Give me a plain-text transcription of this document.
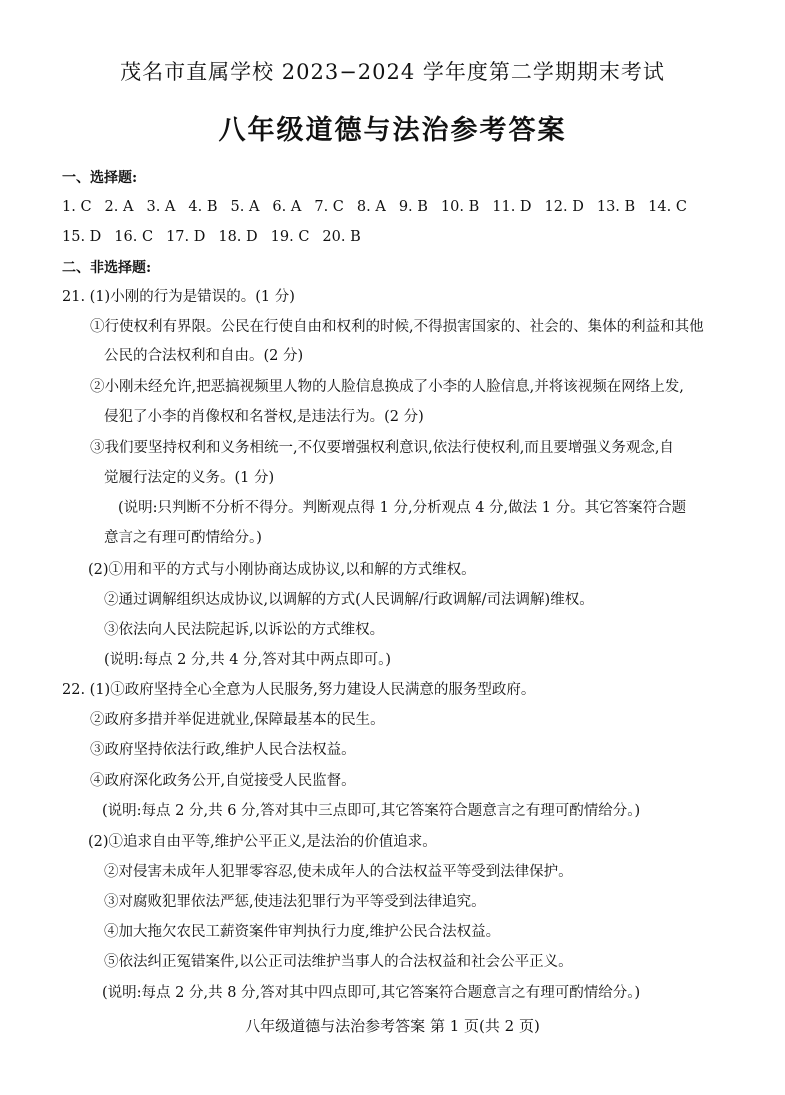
茂名市直属学校 2023−2024 学年度第二学期期末考试
八年级道德与法治参考答案
一、选择题:
1. C 2. A 3. A 4. B 5. A 6. A 7. C 8. A 9. B 10. B 11. D 12. D 13. B 14. C
15. D 16. C 17. D 18. D 19. C 20. B
二、非选择题:
21. (1)小刚的行为是错误的。(1 分)
①行使权利有界限。公民在行使自由和权利的时候,不得损害国家的、社会的、集体的利益和其他
公民的合法权利和自由。(2 分)
②小刚未经允许,把恶搞视频里人物的人脸信息换成了小李的人脸信息,并将该视频在网络上发,
侵犯了小李的肖像权和名誉权,是违法行为。(2 分)
③我们要坚持权利和义务相统一,不仅要增强权利意识,依法行使权利,而且要增强义务观念,自
觉履行法定的义务。(1 分)
(说明:只判断不分析不得分。判断观点得 1 分,分析观点 4 分,做法 1 分。其它答案符合题
意言之有理可酌情给分。)
(2)①用和平的方式与小刚协商达成协议,以和解的方式维权。
②通过调解组织达成协议,以调解的方式(人民调解/行政调解/司法调解)维权。
③依法向人民法院起诉,以诉讼的方式维权。
(说明:每点 2 分,共 4 分,答对其中两点即可。)
22. (1)①政府坚持全心全意为人民服务,努力建设人民满意的服务型政府。
②政府多措并举促进就业,保障最基本的民生。
③政府坚持依法行政,维护人民合法权益。
④政府深化政务公开,自觉接受人民监督。
(说明:每点 2 分,共 6 分,答对其中三点即可,其它答案符合题意言之有理可酌情给分。)
(2)①追求自由平等,维护公平正义,是法治的价值追求。
②对侵害未成年人犯罪零容忍,使未成年人的合法权益平等受到法律保护。
③对腐败犯罪依法严惩,使违法犯罪行为平等受到法律追究。
④加大拖欠农民工薪资案件审判执行力度,维护公民合法权益。
⑤依法纠正冤错案件,以公正司法维护当事人的合法权益和社会公平正义。
(说明:每点 2 分,共 8 分,答对其中四点即可,其它答案符合题意言之有理可酌情给分。)
八年级道德与法治参考答案 第 1 页(共 2 页)
